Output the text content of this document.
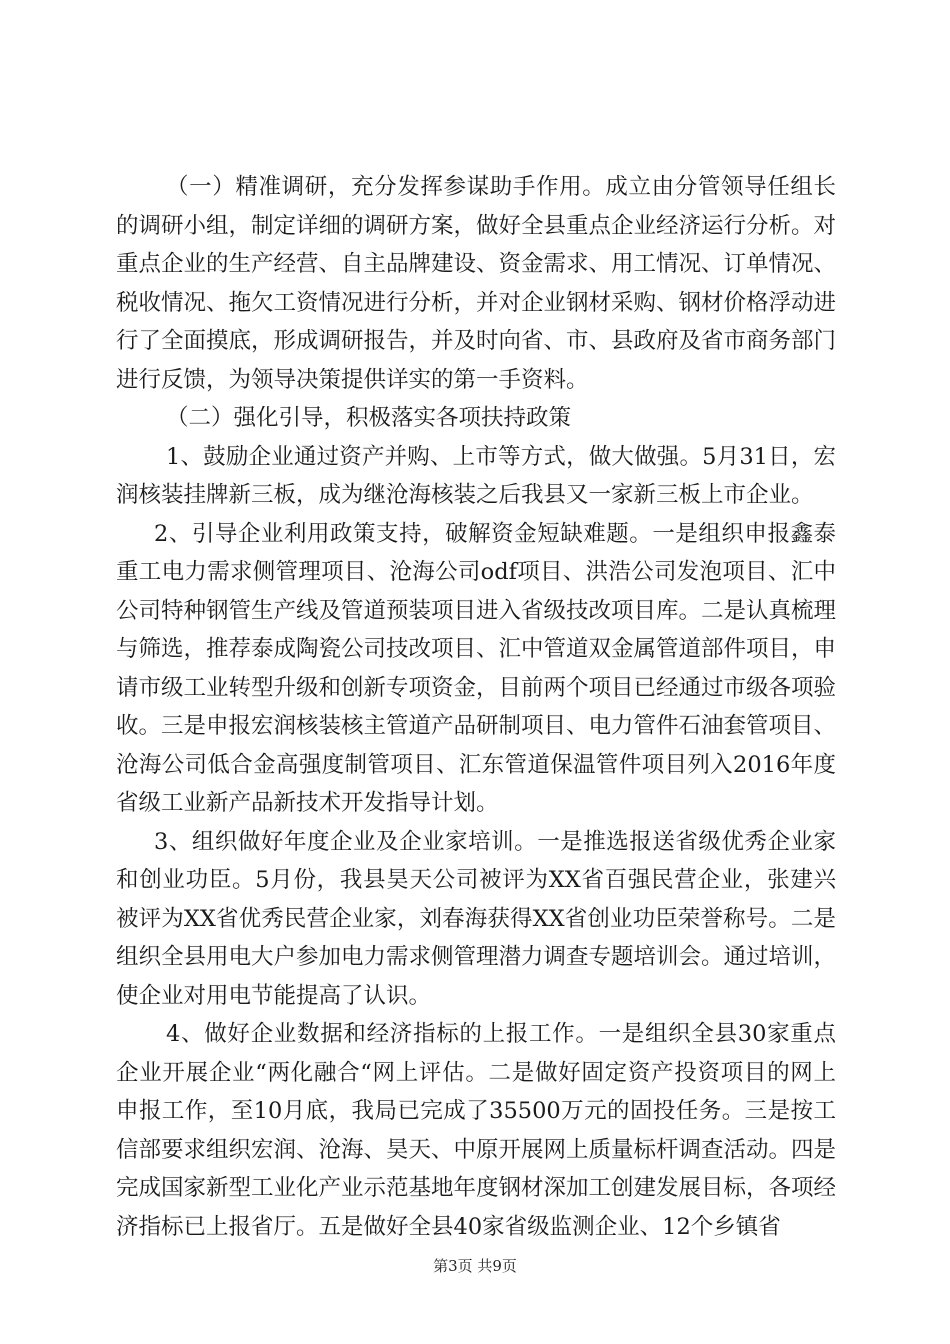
（一）精准调研，充分发挥参谋助手作用。成立由分管领导任组长的调研小组，制定详细的调研方案，做好全县重点企业经济运行分析。对重点企业的生产经营、自主品牌建设、资金需求、用工情况、订单情况、税收情况、拖欠工资情况进行分析，并对企业钢材采购、钢材价格浮动进行了全面摸底，形成调研报告，并及时向省、市、县政府及省市商务部门进行反馈，为领导决策提供详实的第一手资料。

（二）强化引导，积极落实各项扶持政策

1、鼓励企业通过资产并购、上市等方式，做大做强。5月31日，宏润核装挂牌新三板，成为继沧海核装之后我县又一家新三板上市企业。

2、引导企业利用政策支持，破解资金短缺难题。一是组织申报鑫泰重工电力需求侧管理项目、沧海公司odf项目、洪浩公司发泡项目、汇中公司特种钢管生产线及管道预装项目进入省级技改项目库。二是认真梳理与筛选，推荐泰成陶瓷公司技改项目、汇中管道双金属管道部件项目，申请市级工业转型升级和创新专项资金，目前两个项目已经通过市级各项验收。三是申报宏润核装核主管道产品研制项目、电力管件石油套管项目、沧海公司低合金高强度制管项目、汇东管道保温管件项目列入2016年度省级工业新产品新技术开发指导计划。

3、组织做好年度企业及企业家培训。一是推选报送省级优秀企业家和创业功臣。5月份，我县昊天公司被评为XX省百强民营企业，张建兴被评为XX省优秀民营企业家，刘春海获得XX省创业功臣荣誉称号。二是组织全县用电大户参加电力需求侧管理潜力调查专题培训会。通过培训，使企业对用电节能提高了认识。

4、做好企业数据和经济指标的上报工作。一是组织全县30家重点企业开展企业“两化融合“网上评估。二是做好固定资产投资项目的网上申报工作，至10月底，我局已完成了35500万元的固投任务。三是按工信部要求组织宏润、沧海、昊天、中原开展网上质量标杆调查活动。四是完成国家新型工业化产业示范基地年度钢材深加工创建发展目标，各项经济指标已上报省厅。五是做好全县40家省级监测企业、12个乡镇省

第3页 共9页
